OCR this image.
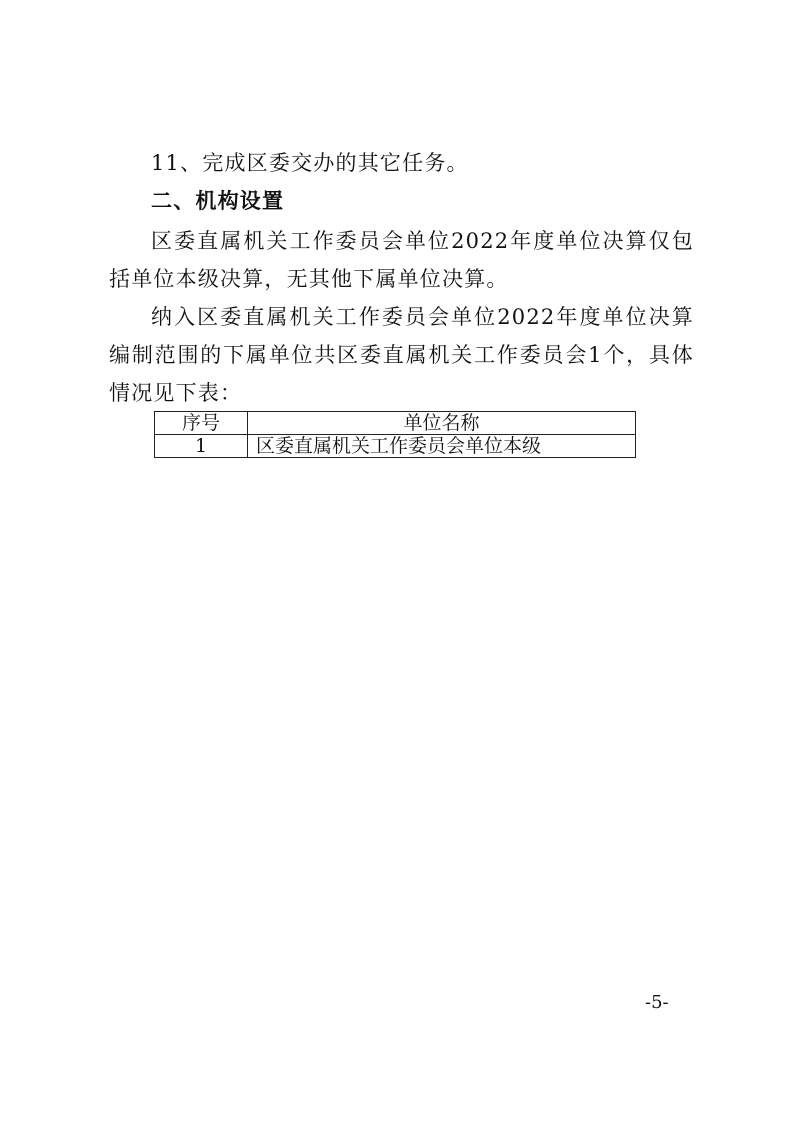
11、完成区委交办的其它任务。
二、机构设置
区委直属机关工作委员会单位2022年度单位决算仅包括单位本级决算，无其他下属单位决算。
纳入区委直属机关工作委员会单位2022年度单位决算编制范围的下属单位共区委直属机关工作委员会1个，具体情况见下表：
序号	单位名称
1	区委直属机关工作委员会单位本级
-5-
